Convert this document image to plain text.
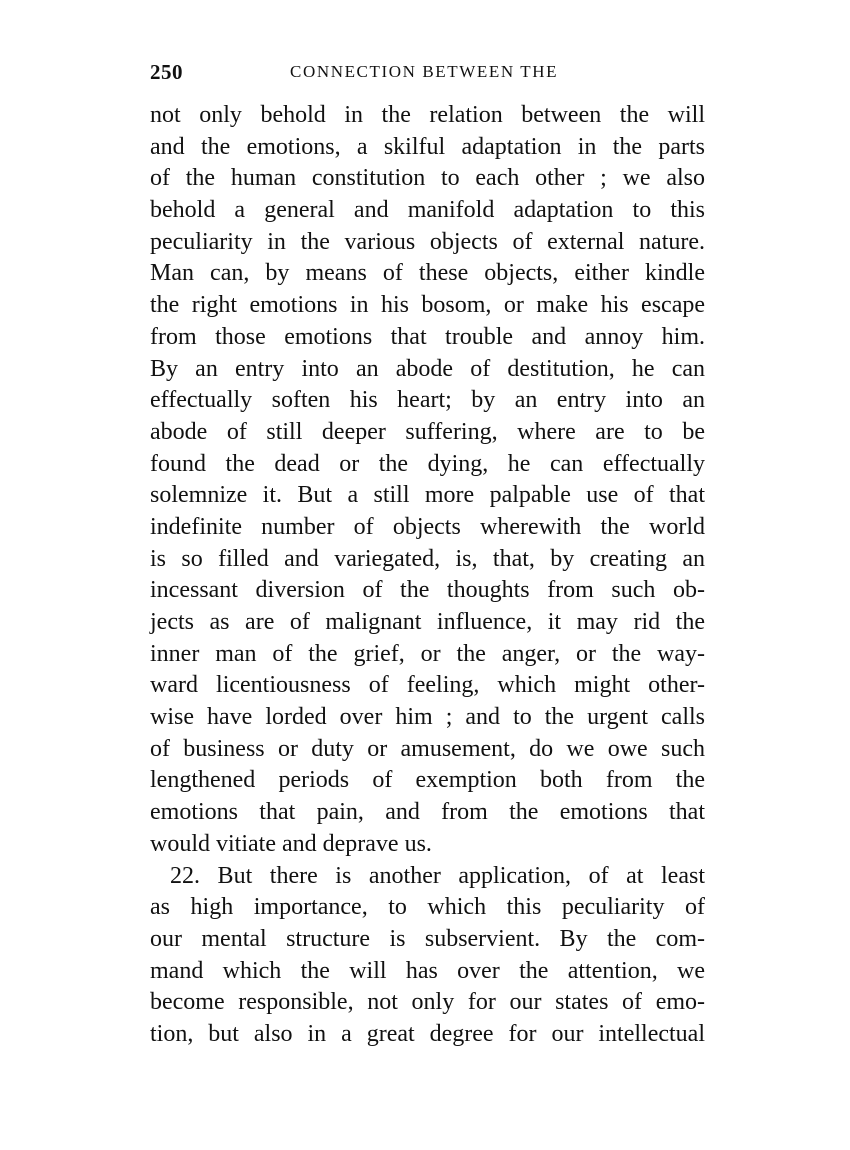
250	CONNECTION BETWEEN THE
not only behold in the relation between the will
and the emotions, a skilful adaptation in the parts
of the human constitution to each other ; we also
behold a general and manifold adaptation to this
peculiarity in the various objects of external nature.
Man can, by means of these objects, either kindle
the right emotions in his bosom, or make his escape
from those emotions that trouble and annoy him.
By an entry into an abode of destitution, he can
effectually soften his heart; by an entry into an
abode of still deeper suffering, where are to be
found the dead or the dying, he can effectually
solemnize it. But a still more palpable use of that
indefinite number of objects wherewith the world
is so filled and variegated, is, that, by creating an
incessant diversion of the thoughts from such ob-
jects as are of malignant influence, it may rid the
inner man of the grief, or the anger, or the way-
ward licentiousness of feeling, which might other-
wise have lorded over him ; and to the urgent calls
of business or duty or amusement, do we owe such
lengthened periods of exemption both from the
emotions that pain, and from the emotions that
would vitiate and deprave us.
22. But there is another application, of at least
as high importance, to which this peculiarity of
our mental structure is subservient. By the com-
mand which the will has over the attention, we
become responsible, not only for our states of emo-
tion, but also in a great degree for our intellectual
